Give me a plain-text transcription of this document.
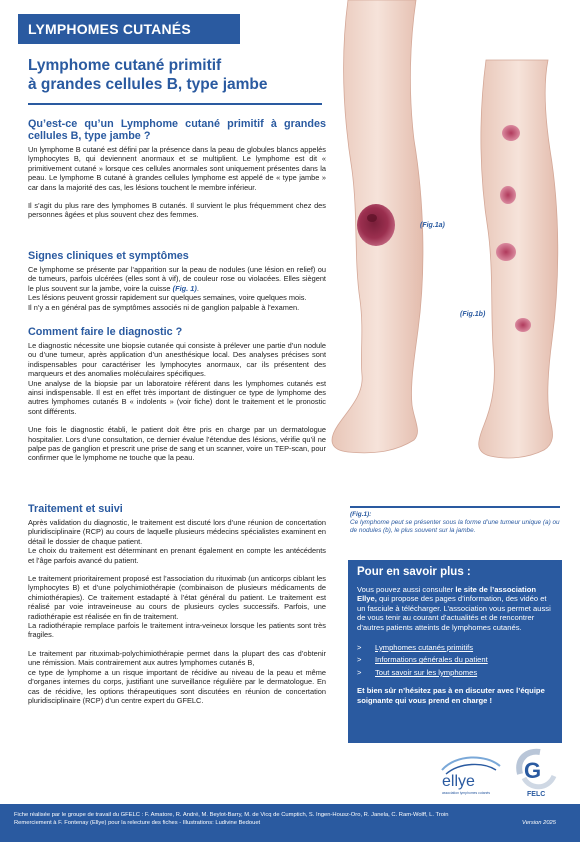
LYMPHOMES CUTANÉS
Lymphome cutané primitif
à grandes cellules B, type jambe
Qu’est-ce qu’un Lymphome cutané primitif à grandes cellules B, type jambe ?

Un lymphome B cutané est défini par la présence dans la peau de globules blancs appelés lymphocytes B, qui deviennent anormaux et se multiplient. Le lymphome est dit « primitivement cutané » lorsque ces cellules anormales sont uniquement présentes dans la peau. Le lymphome B cutané à grandes cellules lymphome est appelé de « type jambe » car dans la majorité des cas, les lésions touchent le membre inférieur.

Il s’agit du plus rare des lymphomes B cutanés. Il survient le plus fréquemment chez des personnes âgées et plus souvent chez des femmes.

Signes cliniques et symptômes

Ce lymphome se présente par l’apparition sur la peau de nodules (une lésion en relief) ou de tumeurs, parfois ulcérées (elles sont à vif), de couleur rose ou violacées. Elles siègent le plus souvent sur la jambe, voire la cuisse (Fig. 1).

Les lésions peuvent grossir rapidement sur quelques semaines, voire quelques mois.

Il n’y a en général pas de symptômes associés ni de ganglion palpable à l’examen.

Comment faire le diagnostic ?

Le diagnostic nécessite une biopsie cutanée qui consiste à prélever une partie d’un nodule ou d’une tumeur, après application d’un anesthésique local. Des analyses précises sont indispensables pour caractériser les lymphocytes anormaux, car ils présentent des marqueurs et des anomalies moléculaires spécifiques.

Une analyse de la biopsie par un laboratoire référent dans les lymphomes cutanés est ainsi indispensable. Il est en effet très important de distinguer ce type de lymphome des autres lymphomes cutanés B « indolents » (voir fiche) dont le traitement et le pronostic sont différents.

Une fois le diagnostic établi, le patient doit être pris en charge par un dermatologue hospitalier. Lors d’une consultation, ce dernier évalue l’étendue des lésions, vérifie qu’il ne palpe pas de ganglion et prescrit une prise de sang et un scanner, voire un TEP-scan, pour confirmer que le lymphome ne touche que la peau.

Traitement et suivi

Après validation du diagnostic, le traitement est discuté lors d’une réunion de concertation pluridisciplinaire (RCP) au cours de laquelle plusieurs médecins spécialistes examinent en détail le dossier de chaque patient.

Le choix du traitement est déterminant en prenant également en compte les antécédents et l’âge parfois avancé du patient.

Le traitement prioritairement proposé est l’association du rituximab (un anticorps ciblant les lymphocytes B) et d’une polychimiothérapie (combinaison de plusieurs médicaments de chimiothérapies). Ce traitement estadapté à l’état général du patient. Le traitement est réalisé par voie intraveineuse au cours de plusieurs cycles successifs. Parfois, une radiothérapie est réalisée en fin de traitement.

La radiothérapie remplace parfois le traitement intra-veineux lorsque les patients sont très fragiles.

Le traitement par rituximab-polychimiothérapie permet dans la plupart des cas d’obtenir une rémission. Mais contrairement aux autres lymphomes cutanés B,

ce type de lymphome a un risque important de récidive au niveau de la peau et même d’organes internes du corps, justifiant une surveillance régulière par le dermatologue. En cas de récidive, les options thérapeutiques sont discutées en réunion de concertation pluridisciplinaire (RCP) d’un centre expert du GFELC.

(Fig.1a)
(Fig.1b)
(Fig.1):
Ce lymphome peut se présenter sous la forme d’une tumeur unique (a) ou de nodules (b), le plus souvent sur la jambe.
Pour en savoir plus :

Vous pouvez aussi consulter le site de l’association Ellye, qui propose des pages d’information, des vidéo et un fasciule à télécharger. L’association vous permet aussi de vous tenir au courant d’actualités et de rencontrer d’autres patients atteints de lymphomes cutanés.

>	Lymphomes cutanés primitifs
>	Informations générales du patient
>	Tout savoir sur les lymphomes

Et bien sûr n’hésitez pas à en discuter avec l’équipe soignante qui vous prend en charge !

ellye
association lymphomes cutanés
G
FELC
Fiche réalisée par le groupe de travail du GFELC : F. Amatore, R. André, M. Beylot-Barry, M. de Vicq de Cumptich, S. Ingen-Housz-Oro, R. Janela, C. Ram-Wolff, L. Troin
Remerciement à F. Fontenay (Ellye) pour la relecture des fiches - Illustrations: Ludivine Bedouet	Version 2025
